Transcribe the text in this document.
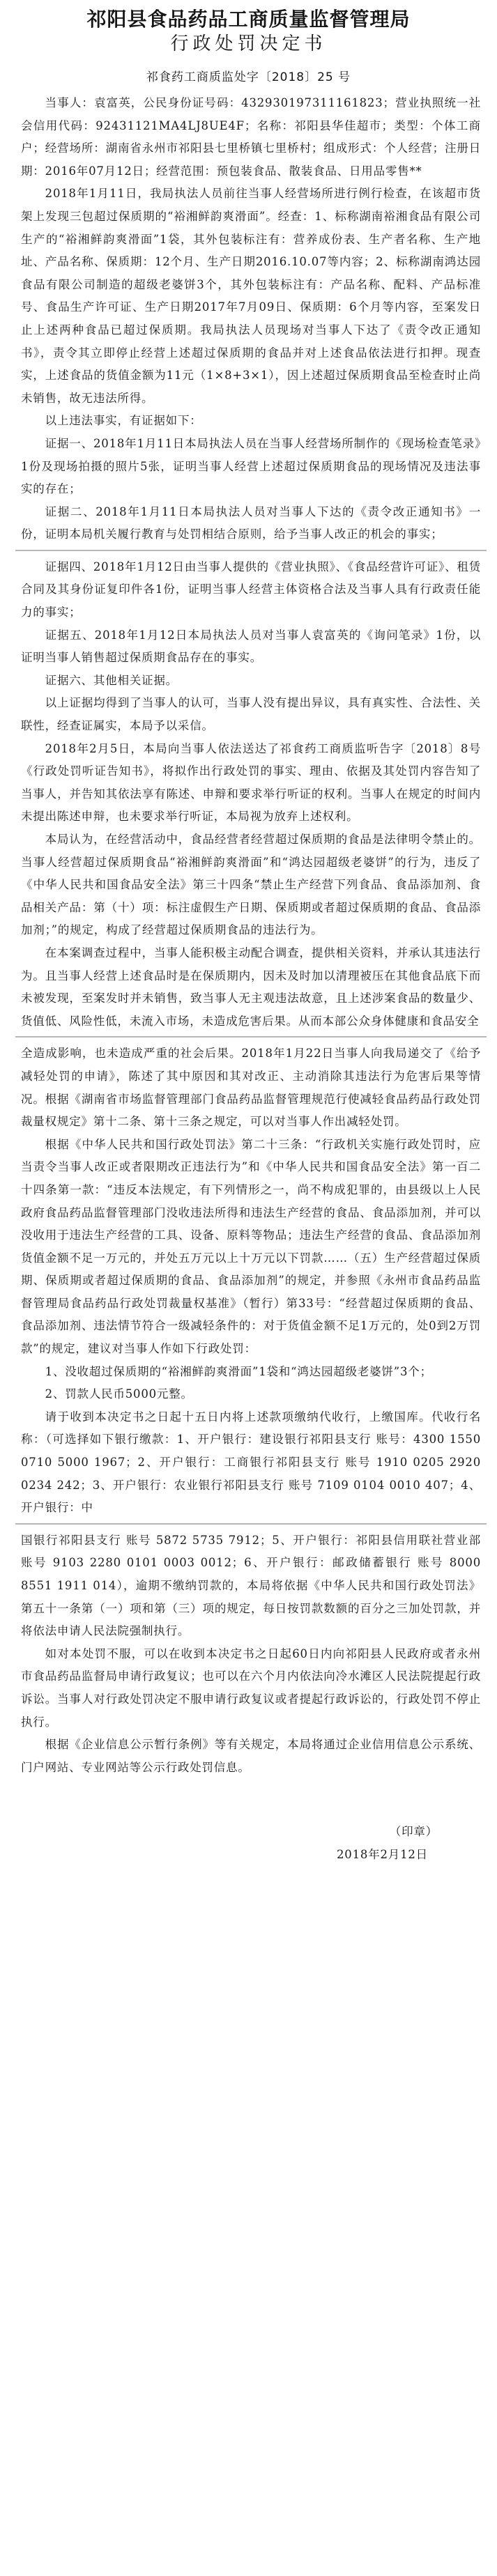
祁阳县食品药品工商质量监督管理局
行政处罚决定书
祁食药工商质监处字〔2018〕25 号

当事人：袁富英，公民身份证号码：432930197311161823；营业执照统一社会信用代码：92431121MA4LJ8UE4F；名称：祁阳县华佳超市；类型：个体工商户；经营场所：湖南省永州市祁阳县七里桥镇七里桥村；组成形式：个人经营；注册日期：2016年07月12日；经营范围：预包装食品、散装食品、日用品零售**

2018年1月11日，我局执法人员前往当事人经营场所进行例行检查，在该超市货架上发现三包超过保质期的“裕湘鲜韵爽滑面”。经查：1、标称湖南裕湘食品有限公司生产的“裕湘鲜韵爽滑面”1袋，其外包装标注有：营养成份表、生产者名称、生产地址、产品名称、保质期：12个月、生产日期2016.10.07等内容；2、标称湖南鸿达园食品有限公司制造的超级老婆饼3个，其外包装标注有：产品名称、配料、产品标准号、食品生产许可证、生产日期2017年7月09日、保质期：6个月等内容，至案发日止上述两种食品已超过保质期。我局执法人员现场对当事人下达了《责令改正通知书》，责令其立即停止经营上述超过保质期的食品并对上述食品依法进行扣押。现查实，上述食品的货值金额为11元（1×8+3×1），因上述超过保质期食品至检查时止尚未销售，故无违法所得。

以上违法事实，有证据如下：

证据一、2018年1月11日本局执法人员在当事人经营场所制作的《现场检查笔录》1份及现场拍摄的照片5张，证明当事人经营上述超过保质期食品的现场情况及违法事实的存在；

证据二、2018年1月11日本局执法人员对当事人下达的《责令改正通知书》一份，证明本局机关履行教育与处罚相结合原则，给予当事人改正的机会的事实；

证据四、2018年1月12日由当事人提供的《营业执照》、《食品经营许可证》、租赁合同及其身份证复印件各1份，证明当事人经营主体资格合法及当事人具有行政责任能力的事实；

证据五、2018年1月12日本局执法人员对当事人袁富英的《询问笔录》1份，以证明当事人销售超过保质期食品存在的事实。

证据六、其他相关证据。

以上证据均得到了当事人的认可，当事人没有提出异议，具有真实性、合法性、关联性，经查证属实，本局予以采信。

2018年2月5日，本局向当事人依法送达了祁食药工商质监听告字〔2018〕8号《行政处罚听证告知书》，将拟作出行政处罚的事实、理由、依据及其处罚内容告知了当事人，并告知其依法享有陈述、申辩和要求举行听证的权利。当事人在规定的时间内未提出陈述申辩，也未要求举行听证，本局视为放弃上述权利。

本局认为，在经营活动中，食品经营者经营超过保质期的食品是法律明令禁止的。当事人经营超过保质期食品“裕湘鲜韵爽滑面”和“鸿达园超级老婆饼”的行为，违反了《中华人民共和国食品安全法》第三十四条“禁止生产经营下列食品、食品添加剂、食品相关产品：第（十）项：标注虚假生产日期、保质期或者超过保质期的食品、食品添加剂；”的规定，构成了经营超过保质期食品的违法行为。

在本案调查过程中，当事人能积极主动配合调查，提供相关资料，并承认其违法行为。且当事人经营上述食品时是在保质期内，因未及时加以清理被压在其他食品底下而未被发现，至案发时并未销售，致当事人无主观违法故意，且上述涉案食品的数量少、货值低、风险性低，未流入市场，未造成危害后果。从而本部公众身体健康和食品安全

全造成影响，也未造成严重的社会后果。2018年1月22日当事人向我局递交了《给予减轻处罚的申请》，陈述了其中原因和其对改正、主动消除其违法行为危害后果等情况。根据《湖南省市场监督管理部门食品药品监督管理规范行使减轻食品药品行政处罚裁量权规定》第十二条、第十三条之规定，可以对当事人作出减轻处罚。

根据《中华人民共和国行政处罚法》第二十三条：“行政机关实施行政处罚时，应当责令当事人改正或者限期改正违法行为”和《中华人民共和国食品安全法》第一百二十四条第一款：“违反本法规定，有下列情形之一，尚不构成犯罪的，由县级以上人民政府食品药品监督管理部门没收违法所得和违法生产经营的食品、食品添加剂，并可以没收用于违法生产经营的工具、设备、原料等物品；违法生产经营的食品、食品添加剂货值金额不足一万元的，并处五万元以上十万元以下罚款……（五）生产经营超过保质期、保质期或者超过保质期的食品、食品添加剂”的规定，并参照《永州市食品药品监督管理局食品药品行政处罚裁量权基准》（暂行）第33号：“经营超过保质期的食品、食品添加剂、违法情节符合一级减轻条件的：对于货值金额不足1万元的，处0到2万罚款”的规定，建议对当事人作如下行政处罚：

1、没收超过保质期的“裕湘鲜韵爽滑面”1袋和“鸿达园超级老婆饼”3个；

2、罚款人民币5000元整。

请于收到本决定书之日起十五日内将上述款项缴纳代收行，上缴国库。代收行名称：（可选择如下银行缴款：1、开户银行：建设银行祁阳县支行 账号：4300 1550 0710 5000 1967；2、开户银行：工商银行祁阳县支行 账号 1910 0205 2920 0234 242；3、开户银行：农业银行祁阳县支行 账号 7109 0104 0010 407；4、开户银行：中

国银行祁阳县支行 账号 5872 5735 7912；5、开户银行：祁阳县信用联社营业部 账号 9103 2280 0101 0003 0012；6、开户银行：邮政储蓄银行 账号 8000 8551 1911 014），逾期不缴纳罚款的，本局将依据《中华人民共和国行政处罚法》第五十一条第（一）项和第（三）项的规定，每日按罚款数额的百分之三加处罚款，并将依法申请人民法院强制执行。

如对本处罚不服，可以在收到本决定书之日起60日内向祁阳县人民政府或者永州市食品药品监督局申请行政复议；也可以在六个月内依法向冷水滩区人民法院提起行政诉讼。当事人对行政处罚决定不服申请行政复议或者提起行政诉讼的，行政处罚不停止执行。

根据《企业信息公示暂行条例》等有关规定，本局将通过企业信用信息公示系统、门户网站、专业网站等公示行政处罚信息。

（印章）

2018年2月12日
